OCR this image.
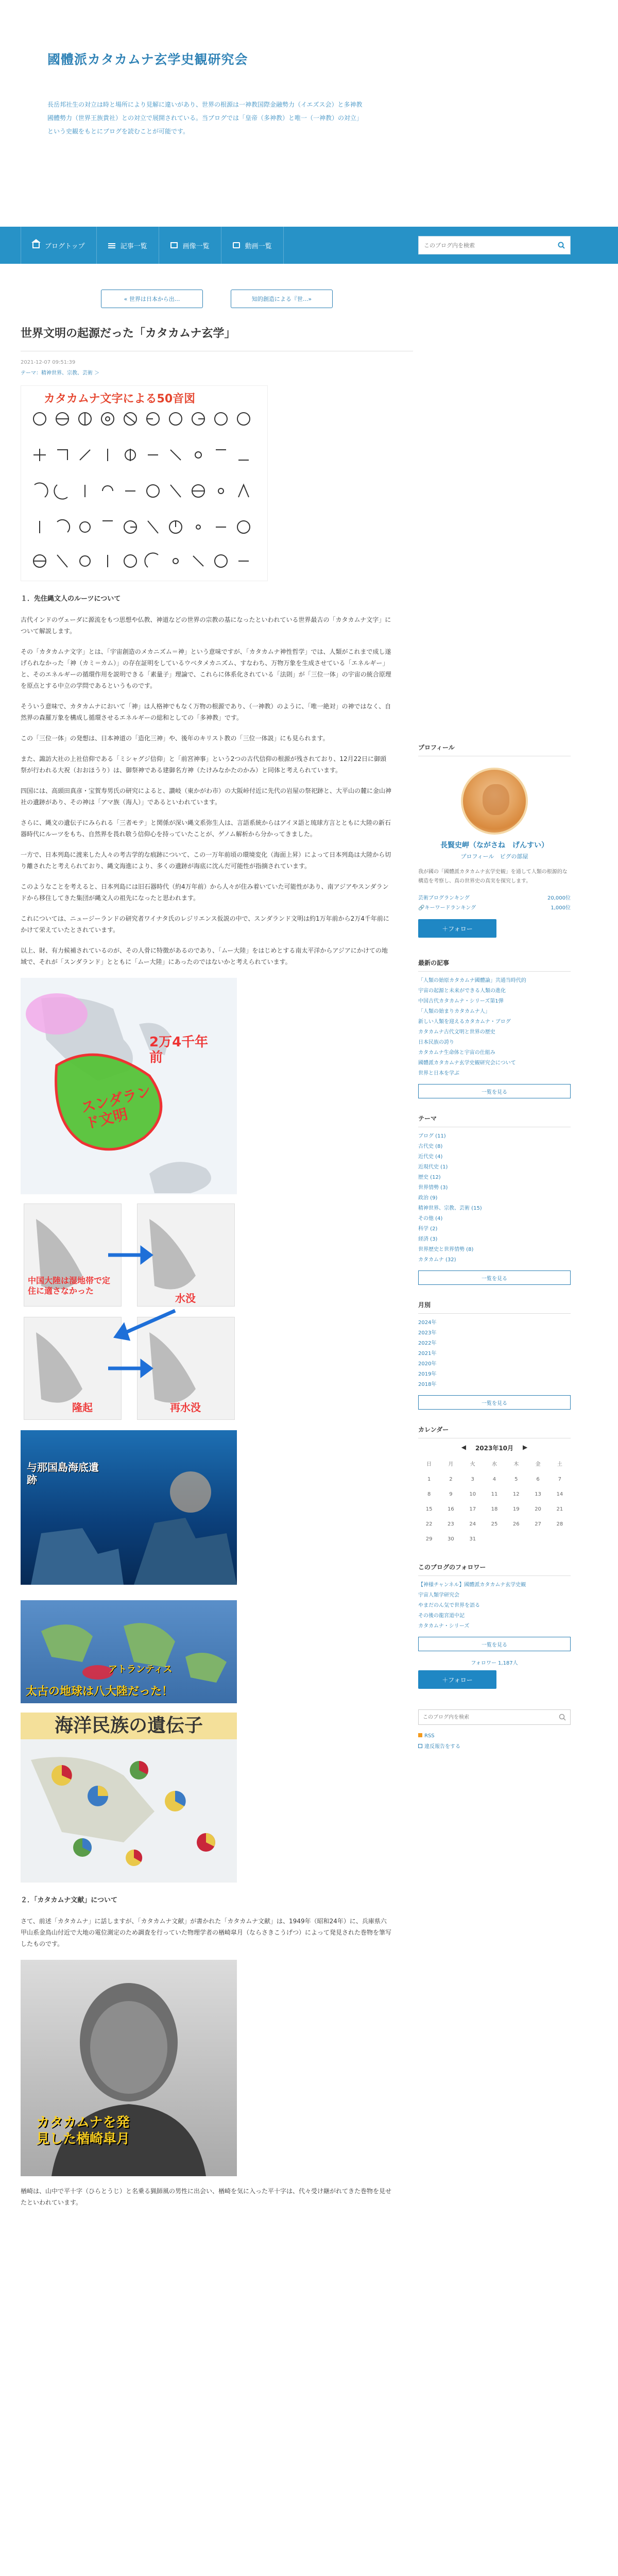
國體派カタカムナ玄学史観研究会
長岳邦社生の対立は時と場所により見解に違いがあり、世界の根源は一神教国際金融勢力（イエズス会）と多神教國體勢力（世界王族貴社）との対立で展開されている。当ブログでは「皇帝（多神教）と唯一（一神教）の対立」という史観をもとにブログを読むことが可能です。
ブログトップ	記事一覧	画像一覧	動画一覧
このブログ内を検索
« 世界は日本から出...	知的創造による『世...»
世界文明の起源だった「カタカムナ玄学」
2021-12-07 09:51:39
テーマ：精神世界、宗教、芸術 ＞
カタカムナ文字による50音図
１．先住縄文人のルーツについて

古代インドのヴェーダに源流をもつ思想や仏教、神道などの世界の宗教の基になったといわれている世界最古の「カタカムナ文字」について解説します。

その「カタカムナ文字」とは、「宇宙創造のメカニズム＝神」という意味ですが、「カタカムナ神性哲学」では、人類がこれまで成し遂げられなかった「神（カミ＝カム）」の存在証明をしているウベタメカニズム、すなわち、万物万象を生成させている「エネルギー」と、そのエネルギーの循環作用を説明できる「素量子」理論で、これらに体系化されている「法則」が「三位一体」の宇宙の統合原理を原点とする中立の学問であるというものです。

そういう意味で、カタカムナにおいて「神」は人格神でもなく万物の根源であり、（一神教）のように、「唯一絶対」の神ではなく、自然界の森羅万象を構成し循環させるエネルギーの総和としての「多神教」です。

この「三位一体」の発想は、日本神道の「造化三神」や、後年のキリスト教の「三位一体説」にも見られます。

また、諏訪大社の上社信仰である「ミシャグジ信仰」と「前宮神事」という2つの古代信仰の根源が残されており、12月22日に御頭祭が行われる大祝（おおほうり）は、御祭神である建御名方神（たけみなかたのかみ）と同体と考えられています。

四国には、高頭田真彦・宝賀寿男氏の研究によると、讃岐（東かがわ市）の大阪峠付近に先代の岩屋の祭祀跡と、大平山の麓に金山神社の遺跡があり、その神は「アマ族（海人）」であるといわれています。

さらに、縄文の遺伝子にみられる「三者モテ」と関係が深い縄文系弥生人は、言語系統からはアイヌ語と琉球方言とともに大陸の新石器時代にルーツをもち、自然界を畏れ敬う信仰心を持っていたことが、ゲノム解析から分かってきました。

一方で、日本列島に渡来した人々の考古学的な痕跡について、この一万年前頃の環境変化（海面上昇）によって日本列島は大陸から切り離されたと考えられており、縄文海進により、多くの遺跡が海底に沈んだ可能性が指摘されています。

このようなことを考えると、日本列島には旧石器時代（約4万年前）から人々が住み着いていた可能性があり、南アジアやスンダランドから移住してきた集団が縄文人の祖先になったと思われます。

これについては、ニュージーランドの研究者ワイナタ氏のレジリエンス仮説の中で、スンダランド文明は約1万年前から2万4千年前にかけて栄えていたとされています。

以上、財、有力候補されているのが、その人骨に特徴があるのであり、「ムー大陸」をはじめとする南太平洋からアジアにかけての地域で、それが「スンダランド」とともに「ムー大陸」にあったのではないかと考えられています。

2万4千年前
スンダランド文明
中国大陸は湿地帯で定住に適さなかった
水没
隆起	再水没
与那国島海底遺跡
アトランティス
太古の地球は八大陸だった！
海洋民族の遺伝子
２．「カタカムナ文献」について

さて、前述「カタカムナ」に話しますが、「カタカムナ文献」が書かれた「カタカムナ文献」は、1949年（昭和24年）に、兵庫県六甲山系金鳥山付近で大地の電位測定のため調査を行っていた物理学者の楢崎皐月（ならさきこうげつ）によって発見された巻物を筆写したものです。

カタカムナを発見した楢崎皐月

楢崎は、山中で平十字（ひらとうじ）と名乗る猟師風の男性に出会い、楢崎を気に入った平十字は、代々受け継がれてきた巻物を見せたといわれています。

プロフィール
長賢史岬（ながさね　げんすい）
プロフィール　ピグの部屋
我が國の「國體派カタカムナ玄学史観」を通して人類の根源的な構造を考察し、真の世界史の真実を探究します。
芸術ブログランキング	20,000位
🔗キーワードランキング	1,000位
＋フォロー
最新の記事
「人類の始原カタカムナ國體論」共通当時代的
宇宙の起源と未来ができる人類の進化
中国古代カタカムナ・シリーズ第1弾
「人類の始まりカタカムナ人」
新しい人類を迎えるカタカムナ・ブログ
カタカムナ古代文明と世界の歴史
日本民族の誇り
カタカムナ生命体と宇宙の仕組み
國體派カタカムナ玄学史観研究会について
世界と日本を学ぶ
一覧を見る
テーマ
ブログ (11)
古代史 (8)
近代史 (4)
近現代史 (1)
歴史 (12)
世界情勢 (3)
政治 (9)
精神世界、宗教、芸術 (15)
その他 (4)
科学 (2)
経済 (3)
世界歴史と世界情勢 (8)
カタカムナ (32)
一覧を見る
月別
2024年
2023年
2022年
2021年
2020年
2019年
2018年
一覧を見る
カレンダー
◀ 2023年10月 ▶
日	月	火	水	木	金	土
1	2	3	4	5	6	7
8	9	10	11	12	13	14
15	16	17	18	19	20	21
22	23	24	25	26	27	28
29	30	31
このブログのフォロワー
【神様チャンネル】國體派カタカムナ玄学史観
宇宙人類学研究会
やまだのん気で世界を語る
その後の龍宮道中記
カタカムナ・シリーズ
一覧を見る
フォロワー 1,187人
＋フォロー
このブログ内を検索
RSS
違反報告をする
